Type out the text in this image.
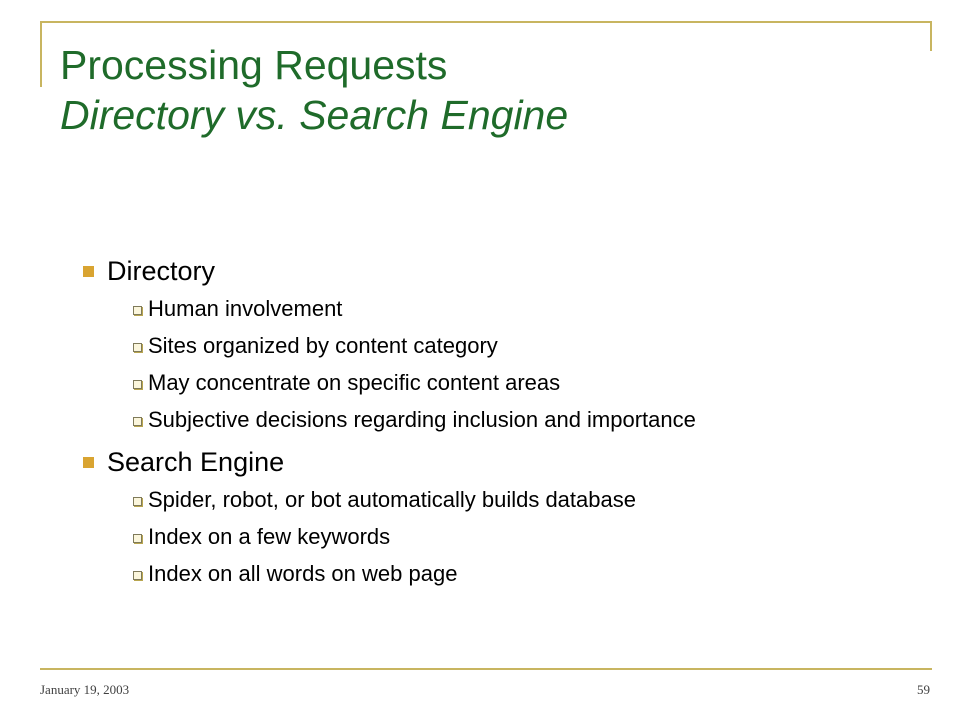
Processing Requests
Directory vs. Search Engine
Directory
Human involvement
Sites organized by content category
May concentrate on specific content areas
Subjective decisions regarding inclusion and importance
Search Engine
Spider, robot, or bot automatically builds database
Index on a few keywords
Index on all words on web page
January 19, 2003	59
